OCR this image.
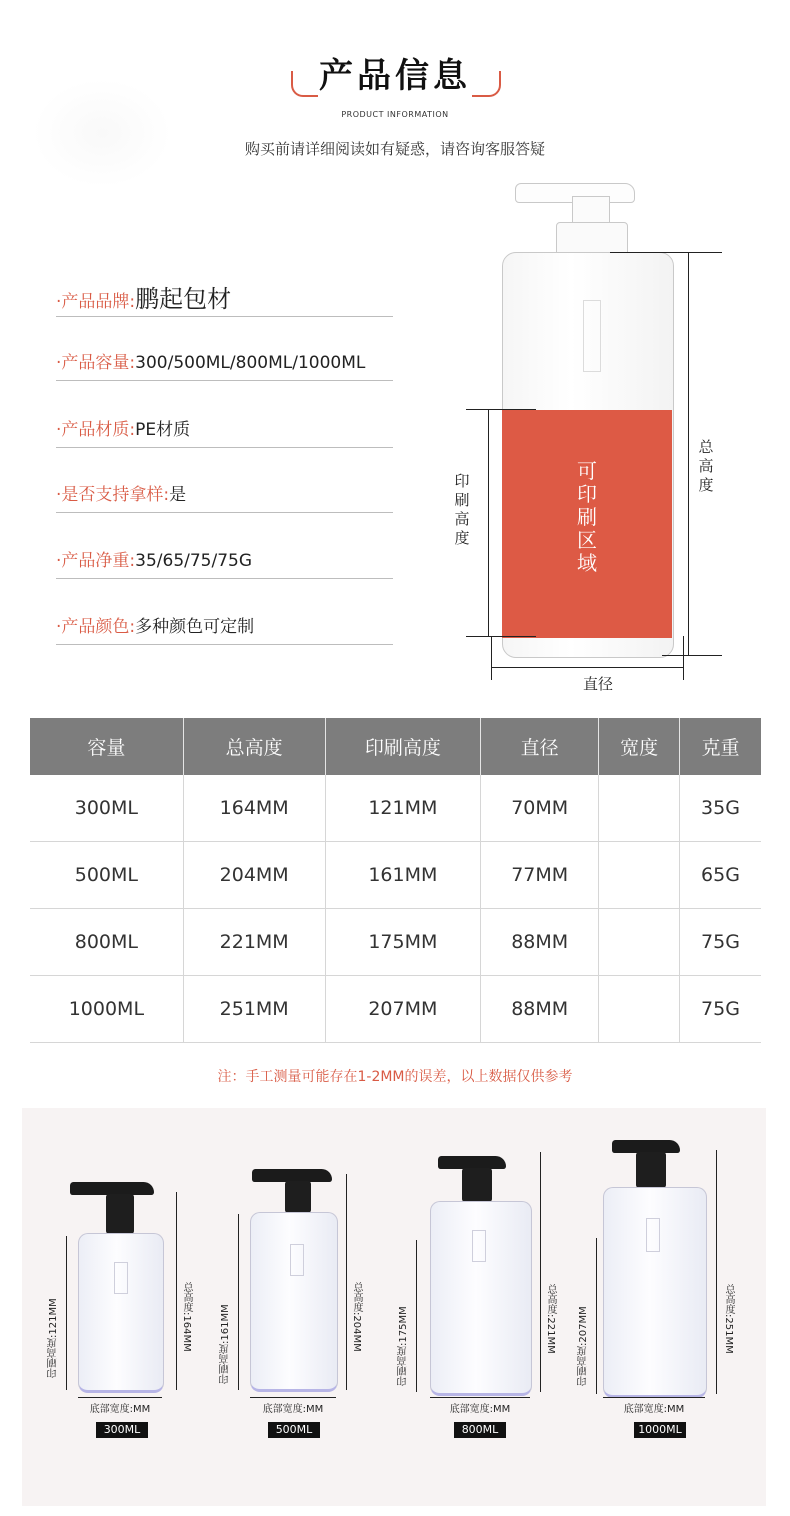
产品信息
PRODUCT INFORMATION
购买前请详细阅读如有疑惑，请咨询客服答疑
·产品品牌:鹏起包材
·产品容量:300/500ML/800ML/1000ML
·产品材质:PE材质
·是否支持拿样:是
·产品净重:35/65/75/75G
·产品颜色:多种颜色可定制
可印刷区域
总高度
印刷高度
直径
容量	总高度	印刷高度	直径	宽度	克重
300ML	164MM	121MM	70MM		35G
500ML	204MM	161MM	77MM		65G
800ML	221MM	175MM	88MM		75G
1000ML	251MM	207MM	88MM		75G
注：手工测量可能存在1-2MM的误差，以上数据仅供参考
印刷高度:121MM	总高度:164MM
底部宽度:MM
300ML
印刷高度:161MM	总高度:204MM
底部宽度:MM
500ML
印刷高度:175MM	总高度:221MM
底部宽度:MM
800ML
印刷高度:207MM	总高度:251MM
底部宽度:MM
1000ML
